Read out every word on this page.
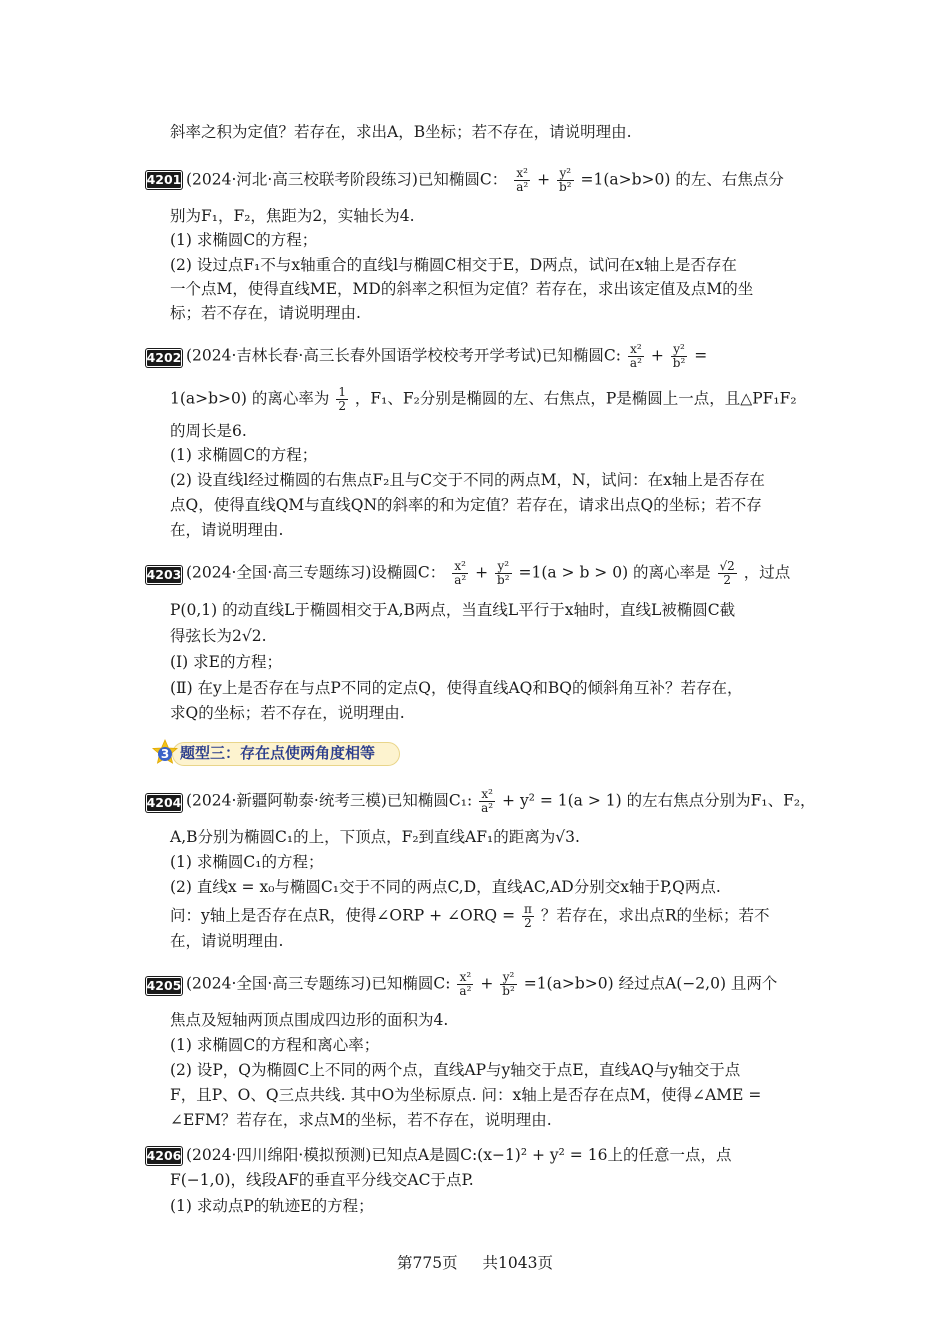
斜率之积为定值？若存在，求出A，B坐标；若不存在，请说明理由.
4201 (2024·河北·高三校联考阶段练习)已知椭圆C： $\frac{\text{x²}}{\text{a²}} + \frac{\text{y²}}{\text{b²}} =1(a>b>0)$ 的左、右焦点分
别为F₁，F₂，焦距为2，实轴长为4.
(1) 求椭圆C的方程；
(2) 设过点F₁不与x轴重合的直线l与椭圆C相交于E，D两点，试问在x轴上是否存在
一个点M，使得直线ME，MD的斜率之积恒为定值？若存在，求出该定值及点M的坐
标；若不存在，请说明理由.
4202 (2024·吉林长春·高三长春外国语学校校考开学考试)已知椭圆C: $\frac{\text{x²}}{\text{a²}} + \frac{\text{y²}}{\text{b²}}$ =
1(a>b>0) 的离心率为 $\frac{1}{2}$ ，F₁、F₂分别是椭圆的左、右焦点，P是椭圆上一点，且△PF₁F₂
的周长是6.
(1) 求椭圆C的方程；
(2) 设直线l经过椭圆的右焦点F₂且与C交于不同的两点M，N，试问：在x轴上是否存在
点Q，使得直线QM与直线QN的斜率的和为定值？若存在，请求出点Q的坐标；若不存
在，请说明理由.
4203 (2024·全国·高三专题练习)设椭圆C： $\frac{\text{x²}}{\text{a²}} + \frac{\text{y²}}{\text{b²}} =1(a > b > 0)$ 的离心率是 $\frac{√2}{2}$ ，过点
P(0,1) 的动直线L于椭圆相交于A,B两点，当直线L平行于x轴时，直线L被椭圆C截
得弦长为2√2.
(Ⅰ) 求E的方程；
(Ⅱ) 在y上是否存在与点P不同的定点Q，使得直线AQ和BQ的倾斜角互补？若存在，
求Q的坐标；若不存在，说明理由.
3 题型三：存在点使两角度相等
4204 (2024·新疆阿勒泰·统考三模)已知椭圆C₁: $\frac{\text{x²}}{\text{a²}} + y^2 = 1(a > 1)$ 的左右焦点分别为F₁、F₂，
A,B分别为椭圆C₁的上，下顶点，F₂到直线AF₁的距离为√3.
(1) 求椭圆C₁的方程；
(2) 直线x = x₀与椭圆C₁交于不同的两点C,D，直线AC,AD分别交x轴于P,Q两点.
问：y轴上是否存在点R，使得∠ORP + ∠ORQ = $\frac{\pi}{2}$ ？若存在，求出点R的坐标；若不
在，请说明理由.
4205 (2024·全国·高三专题练习)已知椭圆C: $\frac{\text{x²}}{\text{a²}} + \frac{\text{y²}}{\text{b²}} =1(a>b>0)$ 经过点A(−2,0) 且两个
焦点及短轴两顶点围成四边形的面积为4.
(1) 求椭圆C的方程和离心率；
(2) 设P，Q为椭圆C上不同的两个点，直线AP与y轴交于点E，直线AQ与y轴交于点
F，且P、O、Q三点共线. 其中O为坐标原点. 问：x轴上是否存在点M，使得∠AME =
∠EFM？若存在，求点M的坐标，若不存在，说明理由.
4206 (2024·四川绵阳·模拟预测)已知点A是圆C:(x−1)² + y² = 16上的任意一点，点
F(−1,0)，线段AF的垂直平分线交AC于点P.
(1) 求动点P的轨迹E的方程；
第775页 共1043页
